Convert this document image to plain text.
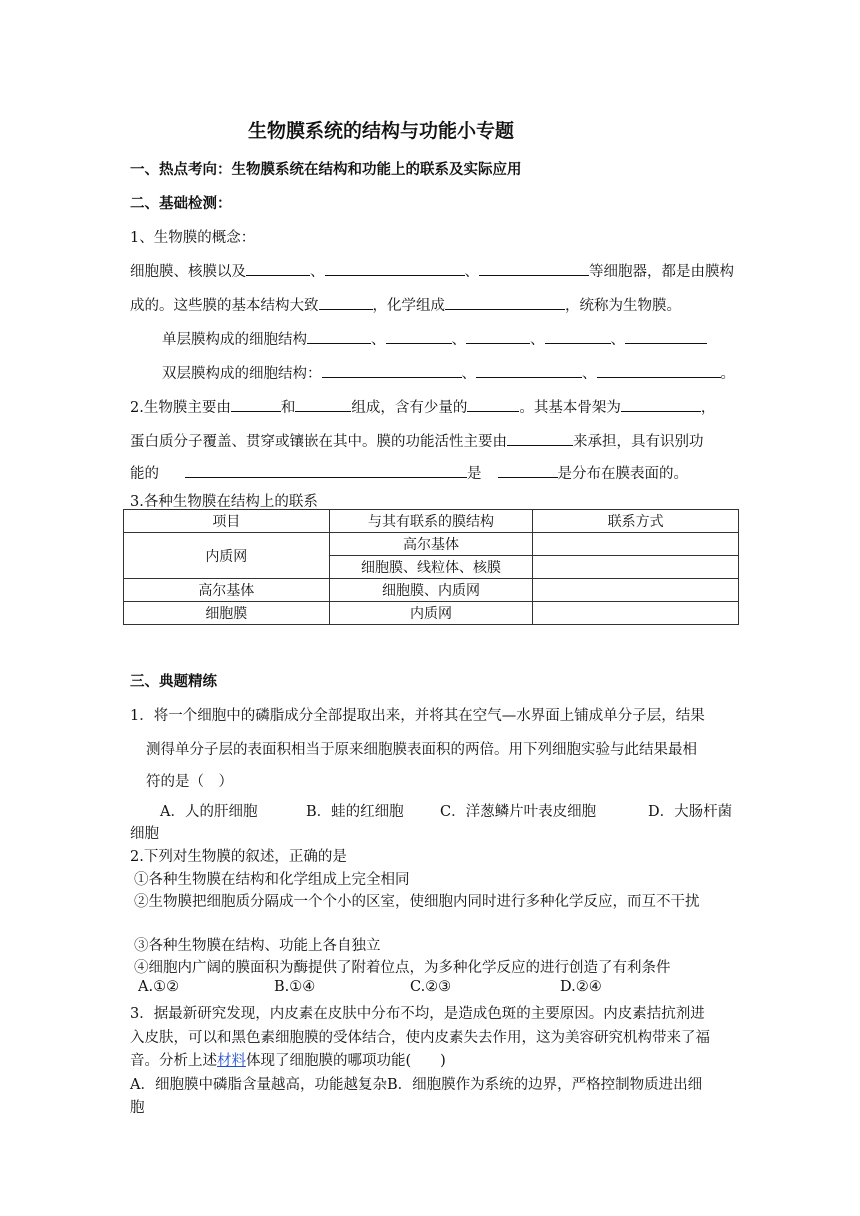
生物膜系统的结构与功能小专题
一、热点考向：生物膜系统在结构和功能上的联系及实际应用
二、基础检测：
1、生物膜的概念：
细胞膜、核膜以及	、	、	等细胞器，都是由膜构
成的。这些膜的基本结构大致	，化学组成	，统称为生物膜。
单层膜构成的细胞结构	、	、	、	、
双层膜构成的细胞结构：	、	、	。
2.生物膜主要由	和	组成，含有少量的	。其基本骨架为	，
蛋白质分子覆盖、贯穿或镶嵌在其中。膜的功能活性主要由	来承担，具有识别功
能的	是	是分布在膜表面的。
3.各种生物膜在结构上的联系
项目	与其有联系的膜结构	联系方式
内质网	高尔基体	
	细胞膜、线粒体、核膜	
高尔基体	细胞膜、内质网	
细胞膜	内质网	
三、典题精练
1．将一个细胞中的磷脂成分全部提取出来，并将其在空气—水界面上铺成单分子层，结果
测得单分子层的表面积相当于原来细胞膜表面积的两倍。用下列细胞实验与此结果最相
符的是（　）
A．人的肝细胞	B．蛙的红细胞	C．洋葱鳞片叶表皮细胞	D．大肠杆菌
细胞
2.下列对生物膜的叙述，正确的是
①各种生物膜在结构和化学组成上完全相同
②生物膜把细胞质分隔成一个个小的区室，使细胞内同时进行多种化学反应，而互不干扰
③各种生物膜在结构、功能上各自独立
④细胞内广阔的膜面积为酶提供了附着位点，为多种化学反应的进行创造了有利条件
A.①②	B.①④	C.②③	D.②④
3．据最新研究发现，内皮素在皮肤中分布不均，是造成色斑的主要原因。内皮素拮抗剂进
入皮肤，可以和黑色素细胞膜的受体结合，使内皮素失去作用，这为美容研究机构带来了福
音。分析上述材料体现了细胞膜的哪项功能(　　)
A．细胞膜中磷脂含量越高，功能越复杂B．细胞膜作为系统的边界，严格控制物质进出细
胞
